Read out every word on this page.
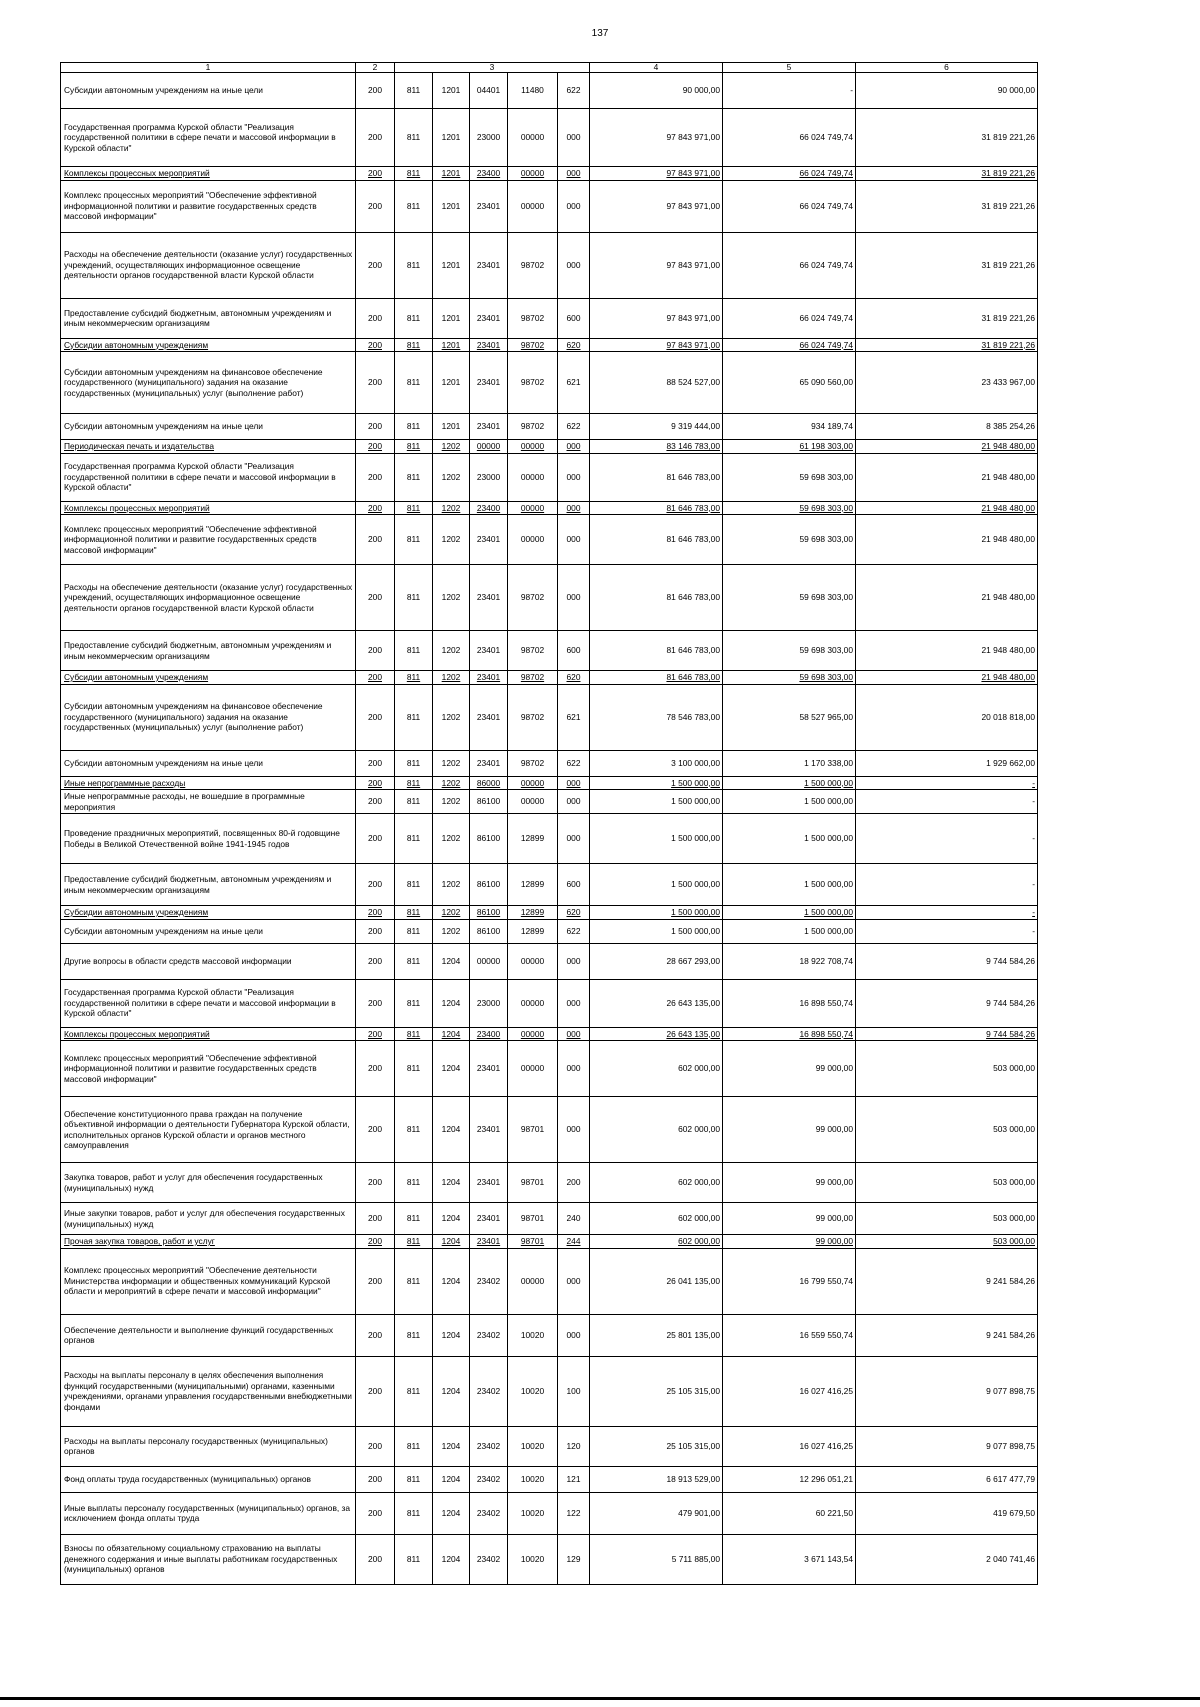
137
1	2	3					4	5	6
Субсидии автономным учреждениям на иные цели	200	811	1201	04401	11480	622	90 000,00	-	90 000,00
Государственная программа Курской области "Реализация государственной политики в сфере печати и массовой информации в Курской области"	200	811	1201	23000	00000	000	97 843 971,00	66 024 749,74	31 819 221,26
Комплексы процессных мероприятий	200	811	1201	23400	00000	000	97 843 971,00	66 024 749,74	31 819 221,26
Комплекс процессных мероприятий "Обеспечение эффективной информационной политики и развитие государственных средств массовой информации"	200	811	1201	23401	00000	000	97 843 971,00	66 024 749,74	31 819 221,26
Расходы на обеспечение деятельности (оказание услуг) государственных учреждений, осуществляющих информационное освещение деятельности органов государственной власти Курской области	200	811	1201	23401	98702	000	97 843 971,00	66 024 749,74	31 819 221,26
Предоставление субсидий бюджетным, автономным учреждениям и иным некоммерческим организациям	200	811	1201	23401	98702	600	97 843 971,00	66 024 749,74	31 819 221,26
Субсидии автономным учреждениям	200	811	1201	23401	98702	620	97 843 971,00	66 024 749,74	31 819 221,26
Субсидии автономным учреждениям на финансовое обеспечение государственного (муниципального) задания на оказание государственных (муниципальных) услуг (выполнение работ)	200	811	1201	23401	98702	621	88 524 527,00	65 090 560,00	23 433 967,00
Субсидии автономным учреждениям на иные цели	200	811	1201	23401	98702	622	9 319 444,00	934 189,74	8 385 254,26
Периодическая печать и издательства	200	811	1202	00000	00000	000	83 146 783,00	61 198 303,00	21 948 480,00
Государственная программа Курской области "Реализация государственной политики в сфере печати и массовой информации в Курской области"	200	811	1202	23000	00000	000	81 646 783,00	59 698 303,00	21 948 480,00
Комплексы процессных мероприятий	200	811	1202	23400	00000	000	81 646 783,00	59 698 303,00	21 948 480,00
Комплекс процессных мероприятий "Обеспечение эффективной информационной политики и развитие государственных средств массовой информации"	200	811	1202	23401	00000	000	81 646 783,00	59 698 303,00	21 948 480,00
Расходы на обеспечение деятельности (оказание услуг) государственных учреждений, осуществляющих информационное освещение деятельности органов государственной власти Курской области	200	811	1202	23401	98702	000	81 646 783,00	59 698 303,00	21 948 480,00
Предоставление субсидий бюджетным, автономным учреждениям и иным некоммерческим организациям	200	811	1202	23401	98702	600	81 646 783,00	59 698 303,00	21 948 480,00
Субсидии автономным учреждениям	200	811	1202	23401	98702	620	81 646 783,00	59 698 303,00	21 948 480,00
Субсидии автономным учреждениям на финансовое обеспечение государственного (муниципального) задания на оказание государственных (муниципальных) услуг (выполнение работ)	200	811	1202	23401	98702	621	78 546 783,00	58 527 965,00	20 018 818,00
Субсидии автономным учреждениям на иные цели	200	811	1202	23401	98702	622	3 100 000,00	1 170 338,00	1 929 662,00
Иные непрограммные расходы	200	811	1202	86000	00000	000	1 500 000,00	1 500 000,00	-
Иные непрограммные расходы, не вошедшие в программные мероприятия	200	811	1202	86100	00000	000	1 500 000,00	1 500 000,00	-
Проведение праздничных мероприятий, посвященных 80-й годовщине Победы в Великой Отечественной войне 1941-1945 годов	200	811	1202	86100	12899	000	1 500 000,00	1 500 000,00	-
Предоставление субсидий бюджетным, автономным учреждениям и иным некоммерческим организациям	200	811	1202	86100	12899	600	1 500 000,00	1 500 000,00	-
Субсидии автономным учреждениям	200	811	1202	86100	12899	620	1 500 000,00	1 500 000,00	-
Субсидии автономным учреждениям на иные цели	200	811	1202	86100	12899	622	1 500 000,00	1 500 000,00	-
Другие вопросы в области средств массовой информации	200	811	1204	00000	00000	000	28 667 293,00	18 922 708,74	9 744 584,26
Государственная программа Курской области "Реализация государственной политики в сфере печати и массовой информации в Курской области"	200	811	1204	23000	00000	000	26 643 135,00	16 898 550,74	9 744 584,26
Комплексы процессных мероприятий	200	811	1204	23400	00000	000	26 643 135,00	16 898 550,74	9 744 584,26
Комплекс процессных мероприятий "Обеспечение эффективной информационной политики и развитие государственных средств массовой информации"	200	811	1204	23401	00000	000	602 000,00	99 000,00	503 000,00
Обеспечение конституционного права граждан на получение объективной информации о деятельности Губернатора Курской области, исполнительных органов Курской области и органов местного самоуправления	200	811	1204	23401	98701	000	602 000,00	99 000,00	503 000,00
Закупка товаров, работ и услуг для обеспечения государственных (муниципальных) нужд	200	811	1204	23401	98701	200	602 000,00	99 000,00	503 000,00
Иные закупки товаров, работ и услуг для обеспечения государственных (муниципальных) нужд	200	811	1204	23401	98701	240	602 000,00	99 000,00	503 000,00
Прочая закупка товаров, работ и услуг	200	811	1204	23401	98701	244	602 000,00	99 000,00	503 000,00
Комплекс процессных мероприятий "Обеспечение деятельности Министерства информации и общественных коммуникаций Курской области и мероприятий в сфере печати и массовой информации"	200	811	1204	23402	00000	000	26 041 135,00	16 799 550,74	9 241 584,26
Обеспечение деятельности и выполнение функций государственных органов	200	811	1204	23402	10020	000	25 801 135,00	16 559 550,74	9 241 584,26
Расходы на выплаты персоналу в целях обеспечения выполнения функций государственными (муниципальными) органами, казенными учреждениями, органами управления государственными внебюджетными фондами	200	811	1204	23402	10020	100	25 105 315,00	16 027 416,25	9 077 898,75
Расходы на выплаты персоналу государственных (муниципальных) органов	200	811	1204	23402	10020	120	25 105 315,00	16 027 416,25	9 077 898,75
Фонд оплаты труда государственных (муниципальных) органов	200	811	1204	23402	10020	121	18 913 529,00	12 296 051,21	6 617 477,79
Иные выплаты персоналу государственных (муниципальных) органов, за исключением фонда оплаты труда	200	811	1204	23402	10020	122	479 901,00	60 221,50	419 679,50
Взносы по обязательному социальному страхованию на выплаты денежного содержания и иные выплаты работникам государственных (муниципальных) органов	200	811	1204	23402	10020	129	5 711 885,00	3 671 143,54	2 040 741,46
